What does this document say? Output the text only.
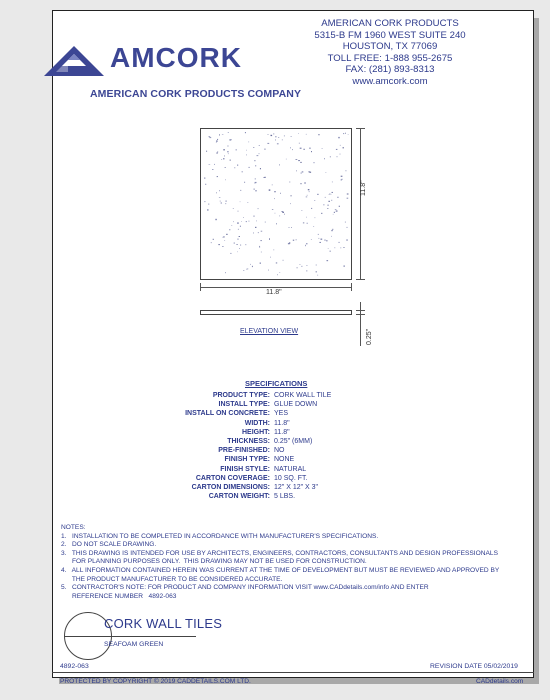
AMCORK
AMERICAN CORK PRODUCTS COMPANY
AMERICAN CORK PRODUCTS
5315-B FM 1960 WEST SUITE 240
HOUSTON, TX 77069
TOLL FREE: 1-888 955-2675
FAX: (281) 893-8313
www.amcork.com
11.8"
11.8"
0.25"
ELEVATION VIEW
SPECIFICATIONS
PRODUCT TYPE: CORK WALL TILE
INSTALL TYPE: GLUE DOWN
INSTALL ON CONCRETE: YES
WIDTH: 11.8"
HEIGHT: 11.8"
THICKNESS: 0.25" (6MM)
PRE-FINISHED: NO
FINISH TYPE: NONE
FINISH STYLE: NATURAL
CARTON COVERAGE: 10 SQ. FT.
CARTON DIMENSIONS: 12" X 12" X 3"
CARTON WEIGHT: 5 LBS.
NOTES:
1.   INSTALLATION TO BE COMPLETED IN ACCORDANCE WITH MANUFACTURER'S SPECIFICATIONS.
2.   DO NOT SCALE DRAWING.
3.   THIS DRAWING IS INTENDED FOR USE BY ARCHITECTS, ENGINEERS, CONTRACTORS, CONSULTANTS AND DESIGN PROFESSIONALS
FOR PLANNING PURPOSES ONLY.  THIS DRAWING MAY NOT BE USED FOR CONSTRUCTION.
4.   ALL INFORMATION CONTAINED HEREIN WAS CURRENT AT THE TIME OF DEVELOPMENT BUT MUST BE REVIEWED AND APPROVED BY
THE PRODUCT MANUFACTURER TO BE CONSIDERED ACCURATE.
5.   CONTRACTOR'S NOTE: FOR PRODUCT AND COMPANY INFORMATION VISIT www.CADdetails.com/info AND ENTER
REFERENCE NUMBER   4892-063
CORK WALL TILES
SEAFOAM GREEN
4892-063	REVISION DATE 05/02/2019
PROTECTED BY COPYRIGHT © 2019 CADDETAILS.COM LTD.	CADdetails.com
